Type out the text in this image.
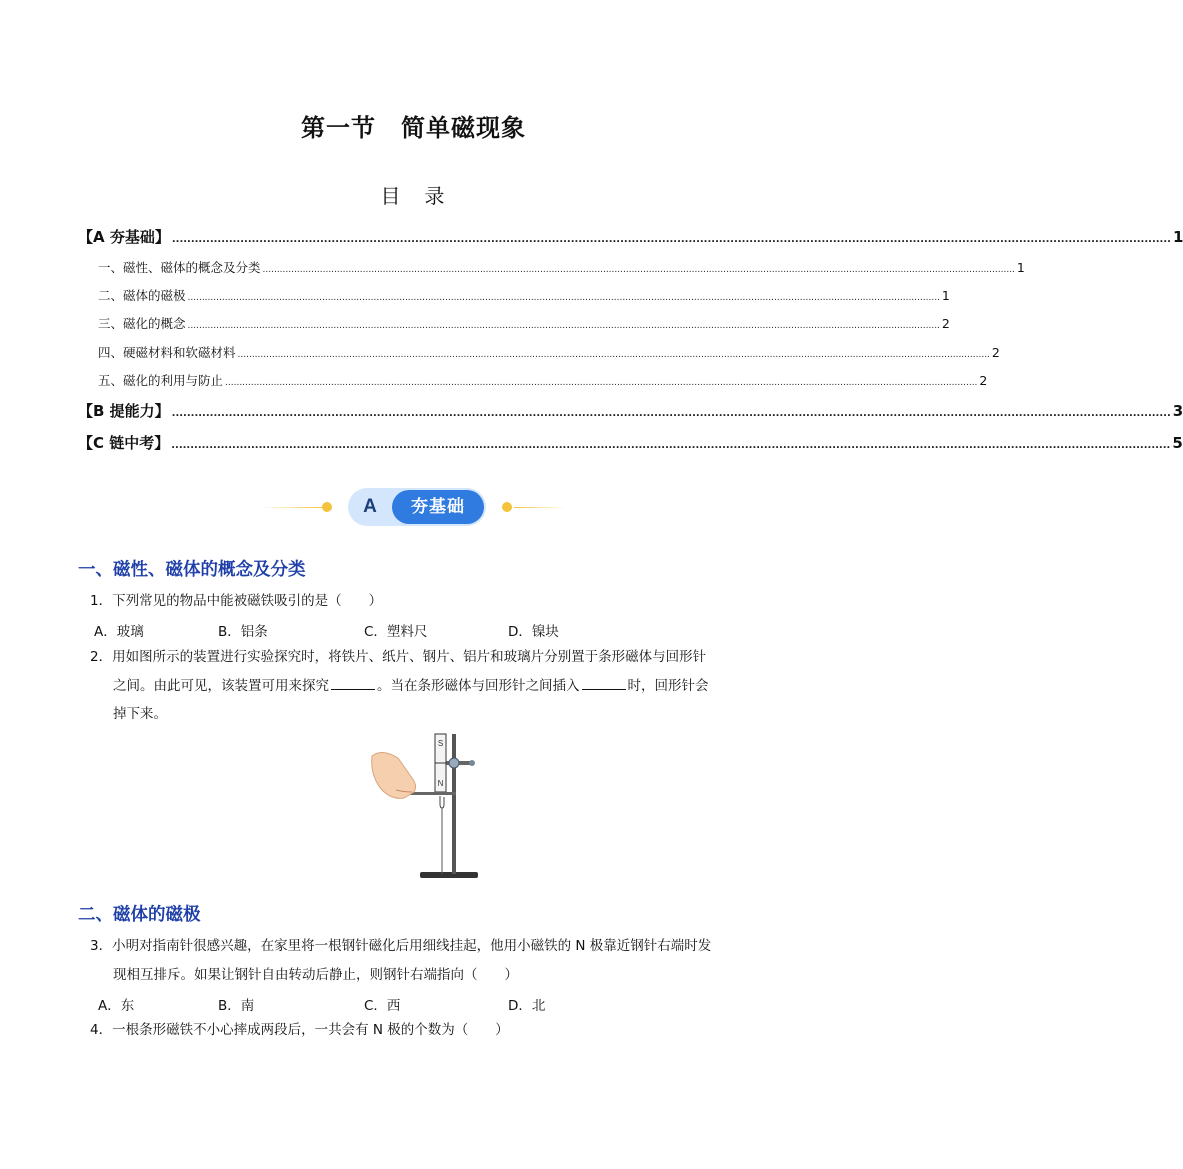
第一节　简单磁现象
目　录
【A 夯基础】 ....................................................................................................................................................................................................................................................................... 1
一、磁性、磁体的概念及分类 ....................................................................................................................................................................................................................................................................... 1
二、磁体的磁极 ....................................................................................................................................................................................................................................................................... 1
三、磁化的概念 ....................................................................................................................................................................................................................................................................... 2
四、硬磁材料和软磁材料 ....................................................................................................................................................................................................................................................................... 2
五、磁化的利用与防止 ....................................................................................................................................................................................................................................................................... 2
【B 提能力】 ....................................................................................................................................................................................................................................................................... 3
【C 链中考】 ....................................................................................................................................................................................................................................................................... 5
A	夯基础
一、磁性、磁体的概念及分类
1．下列常见的物品中能被磁铁吸引的是（　　）
A．玻璃	B．铝条	C．塑料尺	D．镍块
2．用如图所示的装置进行实验探究时，将铁片、纸片、钢片、铝片和玻璃片分别置于条形磁体与回形针
之间。由此可见，该装置可用来探究	。当在条形磁体与回形针之间插入	时，回形针会
掉下来。
S
N
二、磁体的磁极
3．小明对指南针很感兴趣，在家里将一根钢针磁化后用细线挂起，他用小磁铁的 N 极靠近钢针右端时发
现相互排斥。如果让钢针自由转动后静止，则钢针右端指向（　　）
A．东	B．南	C．西	D．北
4．一根条形磁铁不小心摔成两段后，一共会有 N 极的个数为（　　）
